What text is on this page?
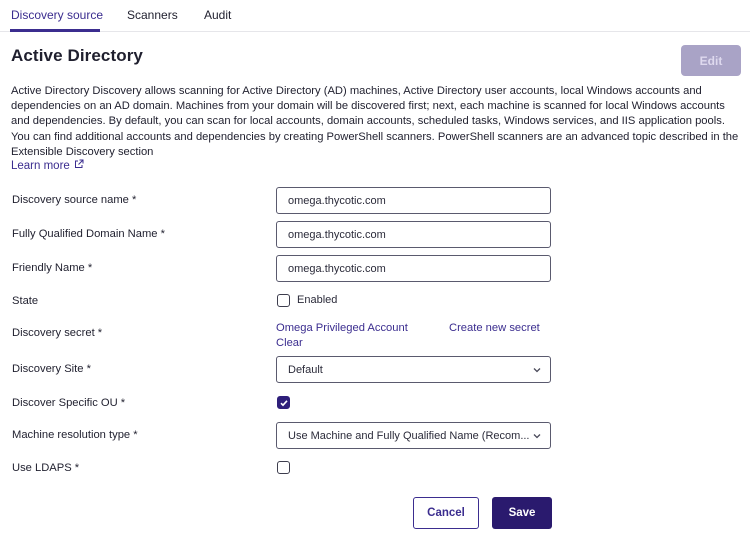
Discovery source Scanners Audit
Active Directory	Edit
Active Directory Discovery allows scanning for Active Directory (AD) machines, Active Directory user accounts, local Windows accounts and dependencies on an AD domain. Machines from your domain will be discovered first; next, each machine is scanned for local Windows accounts and dependencies. By default, you can scan for local accounts, domain accounts, scheduled tasks, Windows services, and IIS application pools. You can find additional accounts and dependencies by creating PowerShell scanners. PowerShell scanners are an advanced topic described in the Extensible Discovery section
Learn more
Discovery source name *	omega.thycotic.com
Fully Qualified Domain Name *	omega.thycotic.com
Friendly Name *	omega.thycotic.com
State	Enabled
Discovery secret *	Omega Privileged Account
Clear
Create new secret
Discovery Site *	Default
Discover Specific OU *
Machine resolution type *	Use Machine and Fully Qualified Name (Recom...
Use LDAPS *
Cancel	Save
